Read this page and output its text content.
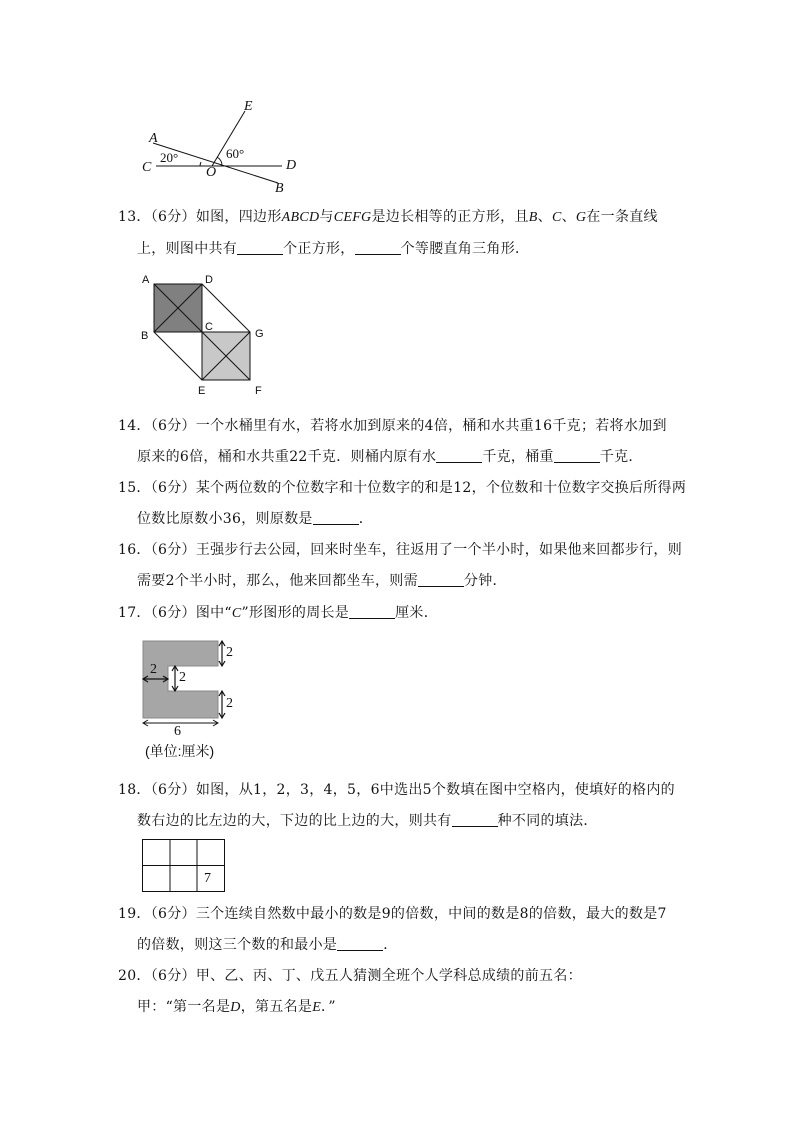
A
C	O	D
E
B
20°	60°
13．（6分）如图，四边形ABCD与CEFG是边长相等的正方形，且B、C、G在一条直线
上，则图中共有	个正方形，	个等腰直角三角形．
A	D
B
C
G
E	F
14．（6分）一个水桶里有水，若将水加到原来的4倍，桶和水共重16千克；若将水加到
原来的6倍，桶和水共重22千克．则桶内原有水	千克，桶重	千克．
15．（6分）某个两位数的个位数字和十位数字的和是12，个位数和十位数字交换后所得两
位数比原数小36，则原数是	．
16．（6分）王强步行去公园，回来时坐车，往返用了一个半小时，如果他来回都步行，则
需要2个半小时，那么，他来回都坐车，则需	分钟．
17．（6分）图中“C”形图形的周长是	厘米．
2
2
2
2
6
(单位:厘米)
18．（6分）如图，从1，2，3，4，5，6中选出5个数填在图中空格内，使填好的格内的
数右边的比左边的大，下边的比上边的大，则共有	种不同的填法．
7
19．（6分）三个连续自然数中最小的数是9的倍数，中间的数是8的倍数，最大的数是7
的倍数，则这三个数的和最小是	．
20．（6分）甲、乙、丙、丁、戊五人猜测全班个人学科总成绩的前五名：
甲：“第一名是D，第五名是E．”
